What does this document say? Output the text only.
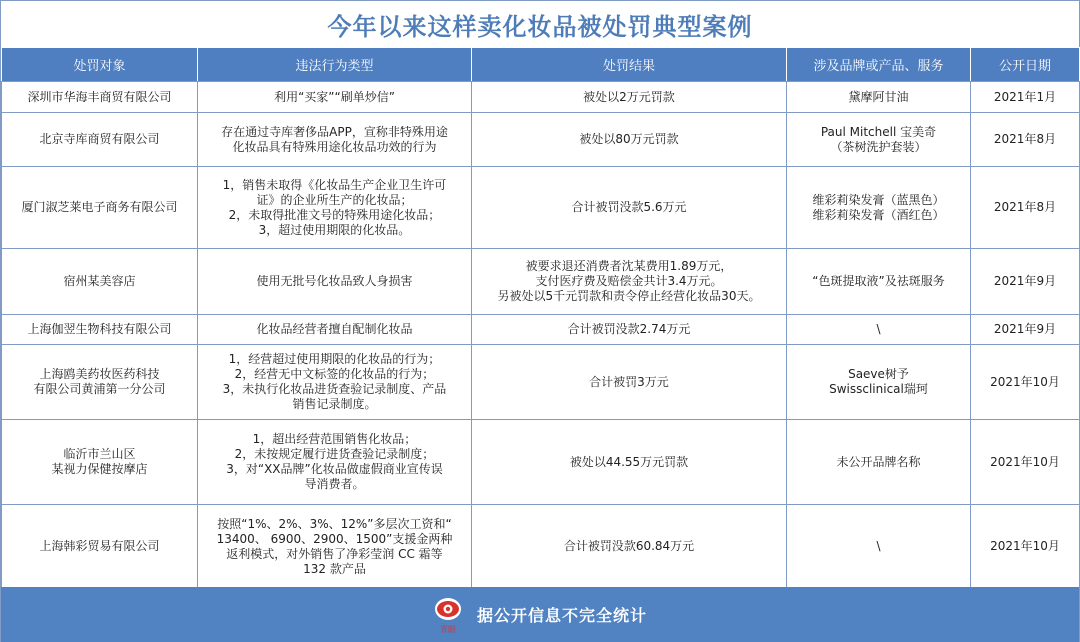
今年以来这样卖化妆品被处罚典型案例
处罚对象	违法行为类型	处罚结果	涉及品牌或产品、服务	公开日期
深圳市华海丰商贸有限公司	利用“买家”“刷单炒信”	被处以2万元罚款	黛摩阿甘油	2021年1月
北京寺库商贸有限公司	存在通过寺库奢侈品APP，宣称非特殊用途
化妆品具有特殊用途化妆品功效的行为	被处以80万元罚款	Paul Mitchell 宝美奇
（茶树洗护套装）	2021年8月
厦门淑芝莱电子商务有限公司	1，销售未取得《化妆品生产企业卫生许可
证》的企业所生产的化妆品；
2，未取得批准文号的特殊用途化妆品；
3，超过使用期限的化妆品。	合计被罚没款5.6万元	维彩莉染发膏（蓝黑色）
维彩莉染发膏（酒红色）	2021年8月
宿州某美容店	使用无批号化妆品致人身损害	被要求退还消费者沈某费用1.89万元，
支付医疗费及赔偿金共计3.4万元。
另被处以5千元罚款和责令停止经营化妆品30天。	“色斑提取液”及祛斑服务	2021年9月
上海伽翌生物科技有限公司	化妆品经营者擅自配制化妆品	合计被罚没款2.74万元	\	2021年9月
上海鸥美药妆医药科技
有限公司黄浦第一分公司	1，经营超过使用期限的化妆品的行为；
2，经营无中文标签的化妆品的行为；
3，未执行化妆品进货查验记录制度、产品
销售记录制度。	合计被罚3万元	Saeve树予
Swissclinical瑞珂	2021年10月
临沂市兰山区
某视力保健按摩店	1，超出经营范围销售化妆品；
2，未按规定履行进货查验记录制度；
3，对“XX品牌”化妆品做虚假商业宣传误
导消费者。	被处以44.55万元罚款	未公开品牌名称	2021年10月
上海韩彩贸易有限公司	按照“1%、2%、3%、12%”多层次工资和“
13400、 6900、2900、1500”支援金两种
返利模式，对外销售了净彩莹润 CC 霜等
132 款产品	合计被罚没款60.84万元	\	2021年10月
青眼
据公开信息不完全统计
